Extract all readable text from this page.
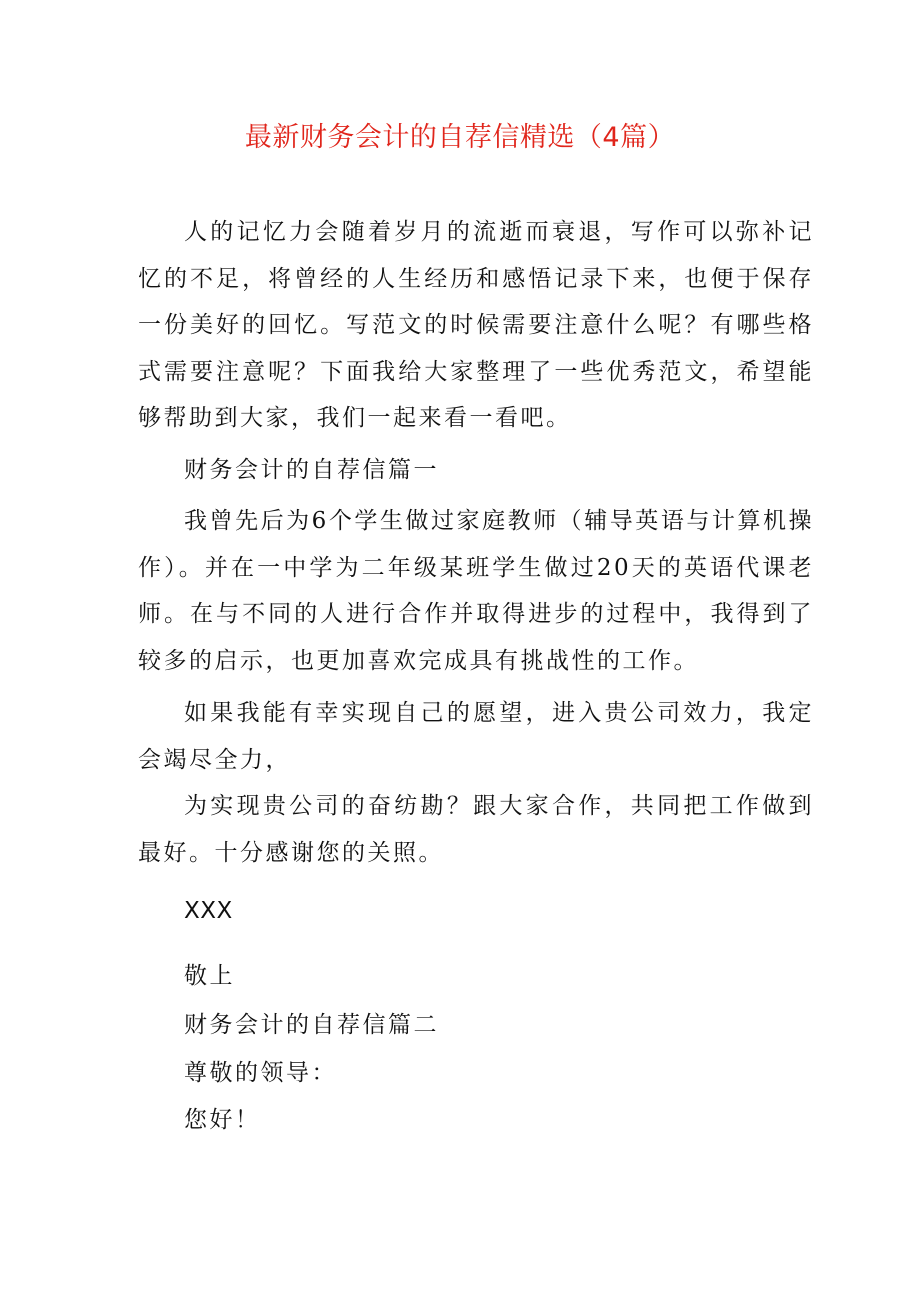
最新财务会计的自荐信精选（4篇）

人的记忆力会随着岁月的流逝而衰退，写作可以弥补记忆的不足，将曾经的人生经历和感悟记录下来，也便于保存一份美好的回忆。写范文的时候需要注意什么呢？有哪些格式需要注意呢？下面我给大家整理了一些优秀范文，希望能够帮助到大家，我们一起来看一看吧。

财务会计的自荐信篇一

我曾先后为6个学生做过家庭教师（辅导英语与计算机操作）。并在一中学为二年级某班学生做过20天的英语代课老师。在与不同的人进行合作并取得进步的过程中，我得到了较多的启示，也更加喜欢完成具有挑战性的工作。

如果我能有幸实现自己的愿望，进入贵公司效力，我定会竭尽全力，

为实现贵公司的奋纺勘？跟大家合作，共同把工作做到最好。十分感谢您的关照。

XXX
敬上
财务会计的自荐信篇二
尊敬的领导：
您好！
